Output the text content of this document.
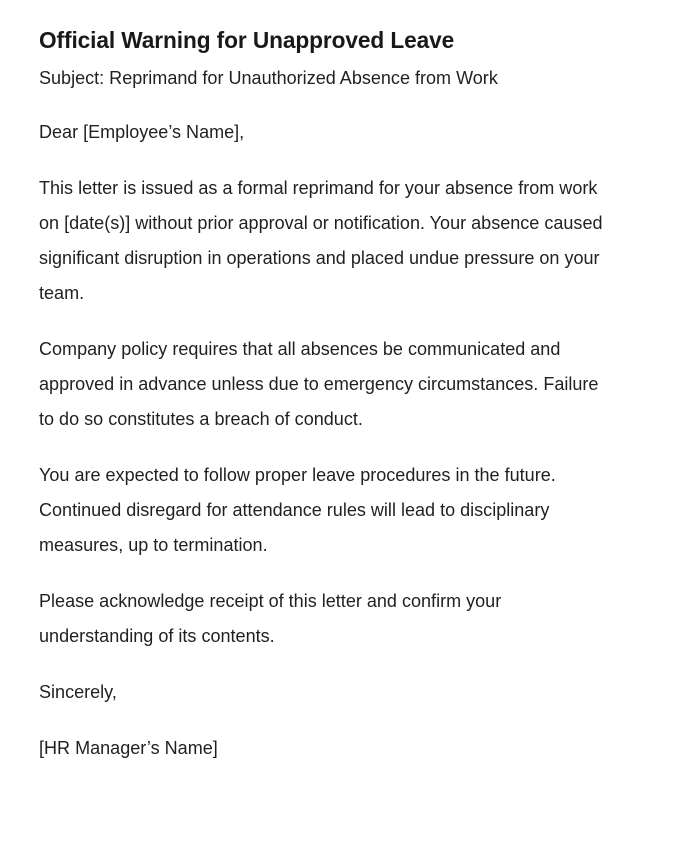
Official Warning for Unapproved Leave

Subject: Reprimand for Unauthorized Absence from Work

Dear [Employee’s Name],

This letter is issued as a formal reprimand for your absence from work on [date(s)] without prior approval or notification. Your absence caused significant disruption in operations and placed undue pressure on your team.

Company policy requires that all absences be communicated and approved in advance unless due to emergency circumstances. Failure to do so constitutes a breach of conduct.

You are expected to follow proper leave procedures in the future. Continued disregard for attendance rules will lead to disciplinary measures, up to termination.

Please acknowledge receipt of this letter and confirm your understanding of its contents.

Sincerely,

[HR Manager’s Name]
